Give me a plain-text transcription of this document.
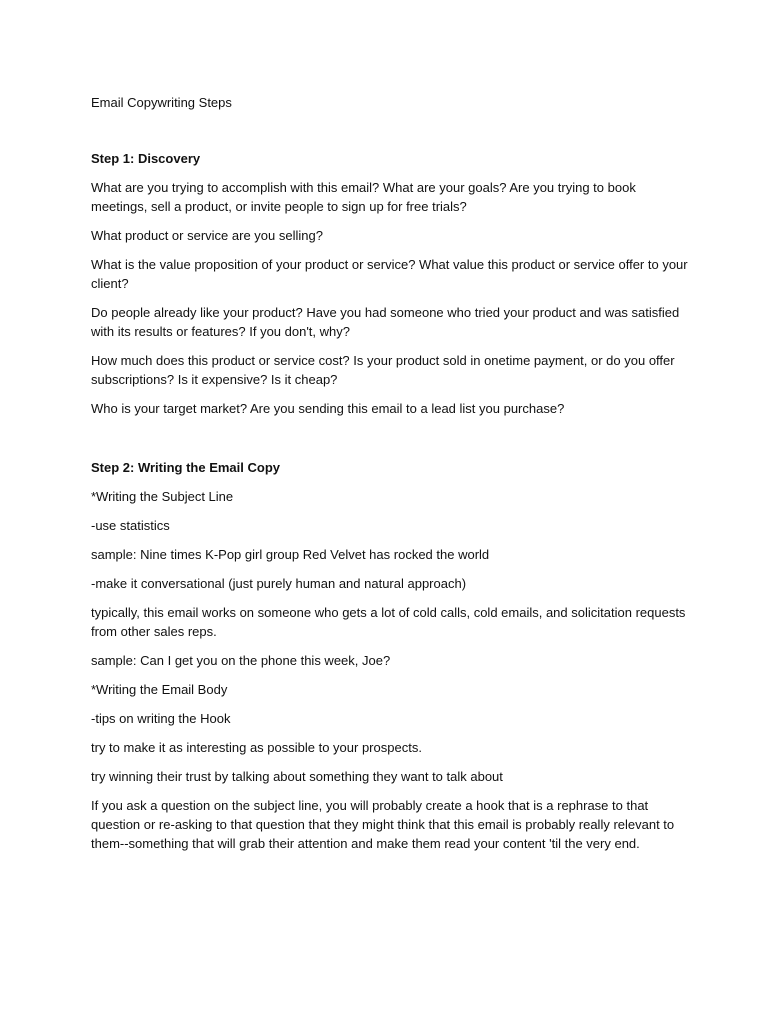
Email Copywriting Steps
Step 1: Discovery
What are you trying to accomplish with this email? What are your goals? Are you trying to book meetings, sell a product, or invite people to sign up for free trials?
What product or service are you selling?
What is the value proposition of your product or service? What value this product or service offer to your client?
Do people already like your product? Have you had someone who tried your product and was satisfied with its results or features? If you don't, why?
How much does this product or service cost? Is your product sold in onetime payment, or do you offer subscriptions? Is it expensive? Is it cheap?
Who is your target market? Are you sending this email to a lead list you purchase?
Step 2: Writing the Email Copy
*Writing the Subject Line
-use statistics
sample: Nine times K-Pop girl group Red Velvet has rocked the world
-make it conversational (just purely human and natural approach)
typically, this email works on someone who gets a lot of cold calls, cold emails, and solicitation requests from other sales reps.
sample: Can I get you on the phone this week, Joe?
*Writing the Email Body
-tips on writing the Hook
try to make it as interesting as possible to your prospects.
try winning their trust by talking about something they want to talk about
If you ask a question on the subject line, you will probably create a hook that is a rephrase to that question or re-asking to that question that they might think that this email is probably really relevant to them--something that will grab their attention and make them read your content 'til the very end.
